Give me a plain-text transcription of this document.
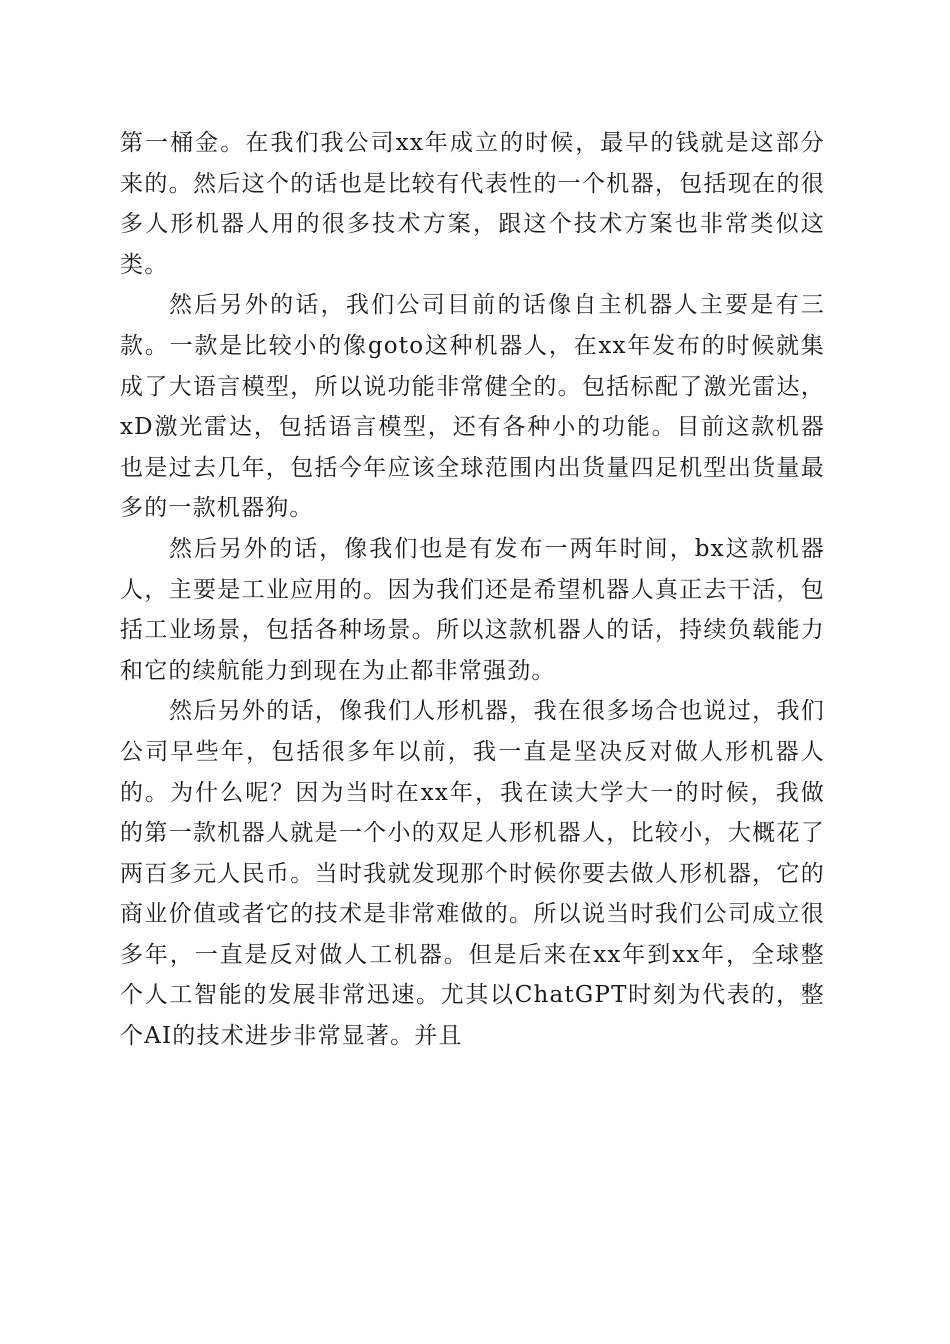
第一桶金。在我们我公司xx年成立的时候，最早的钱就是这部分来的。然后这个的话也是比较有代表性的一个机器，包括现在的很多人形机器人用的很多技术方案，跟这个技术方案也非常类似这类。

然后另外的话，我们公司目前的话像自主机器人主要是有三款。一款是比较小的像goto这种机器人，在xx年发布的时候就集成了大语言模型，所以说功能非常健全的。包括标配了激光雷达，xD激光雷达，包括语言模型，还有各种小的功能。目前这款机器也是过去几年，包括今年应该全球范围内出货量四足机型出货量最多的一款机器狗。

然后另外的话，像我们也是有发布一两年时间，bx这款机器人，主要是工业应用的。因为我们还是希望机器人真正去干活，包括工业场景，包括各种场景。所以这款机器人的话，持续负载能力和它的续航能力到现在为止都非常强劲。

然后另外的话，像我们人形机器，我在很多场合也说过，我们公司早些年，包括很多年以前，我一直是坚决反对做人形机器人的。为什么呢？因为当时在xx年，我在读大学大一的时候，我做的第一款机器人就是一个小的双足人形机器人，比较小，大概花了两百多元人民币。当时我就发现那个时候你要去做人形机器，它的商业价值或者它的技术是非常难做的。所以说当时我们公司成立很多年，一直是反对做人工机器。但是后来在xx年到xx年，全球整个人工智能的发展非常迅速。尤其以ChatGPT时刻为代表的，整个AI的技术进步非常显著。并且
